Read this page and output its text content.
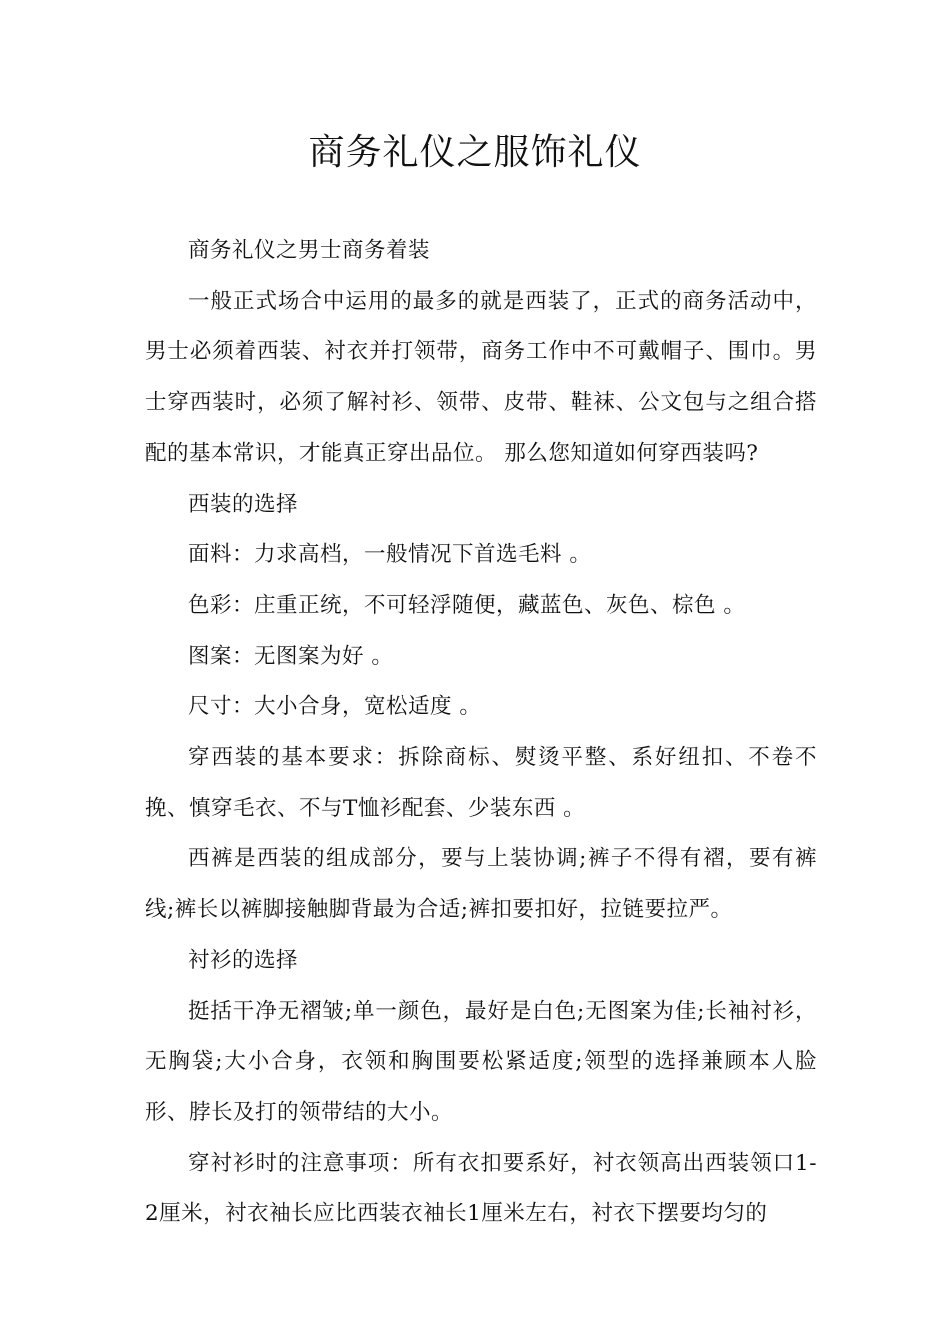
商务礼仪之服饰礼仪

商务礼仪之男士商务着装

一般正式场合中运用的最多的就是西装了，正式的商务活动中，男士必须着西装、衬衣并打领带，商务工作中不可戴帽子、围巾。男士穿西装时，必须了解衬衫、领带、皮带、鞋袜、公文包与之组合搭配的基本常识，才能真正穿出品位。 那么您知道如何穿西装吗?

西装的选择

面料：力求高档，一般情况下首选毛料 。

色彩：庄重正统，不可轻浮随便，藏蓝色、灰色、棕色 。

图案：无图案为好 。

尺寸：大小合身，宽松适度 。

穿西装的基本要求：拆除商标、熨烫平整、系好纽扣、不卷不挽、慎穿毛衣、不与T恤衫配套、少装东西 。

西裤是西装的组成部分，要与上装协调;裤子不得有褶，要有裤线;裤长以裤脚接触脚背最为合适;裤扣要扣好，拉链要拉严。

衬衫的选择

挺括干净无褶皱;单一颜色，最好是白色;无图案为佳;长袖衬衫，无胸袋;大小合身，衣领和胸围要松紧适度;领型的选择兼顾本人脸形、脖长及打的领带结的大小。

穿衬衫时的注意事项：所有衣扣要系好，衬衣领高出西装领口1-2厘米，衬衣袖长应比西装衣袖长1厘米左右，衬衣下摆要均匀的
